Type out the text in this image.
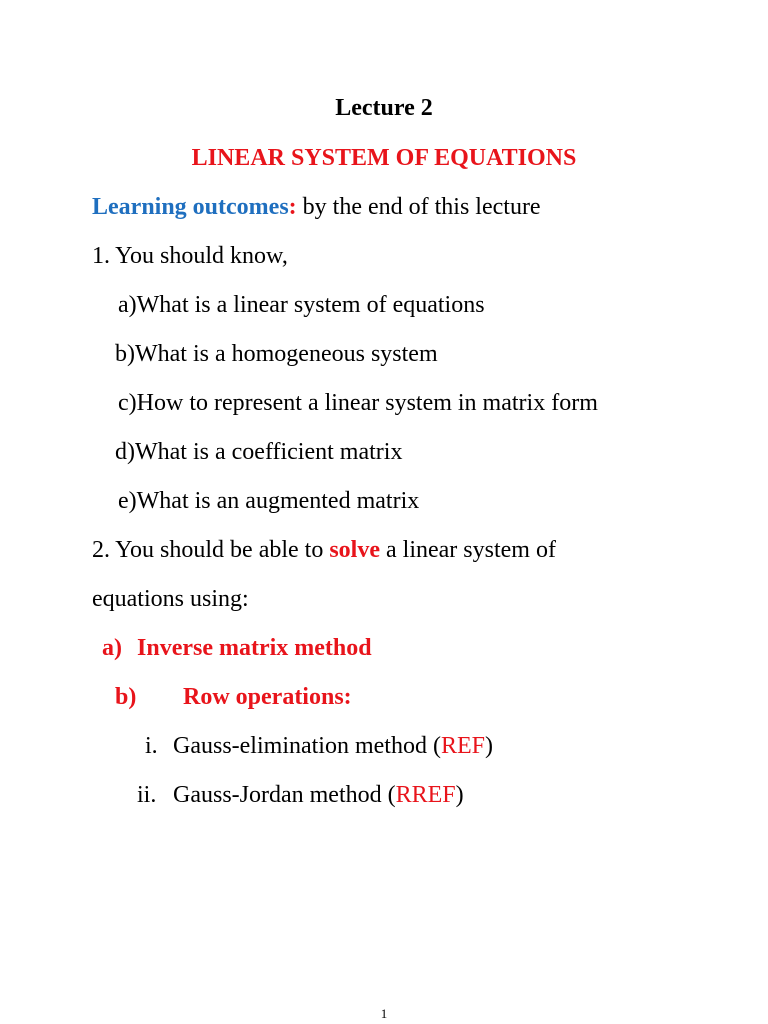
Lecture 2
LINEAR SYSTEM OF EQUATIONS
Learning outcomes: by the end of this lecture
1. You should know,
a)What is a linear system of equations
b)What is a homogeneous system
c)How to represent a linear system in matrix form
d)What is a coefficient matrix
e)What is an augmented matrix
2. You should be able to solve a linear system of
equations using:
a) Inverse matrix method
b) Row operations:
i. Gauss-elimination method (REF)
ii. Gauss-Jordan method (RREF)
1
